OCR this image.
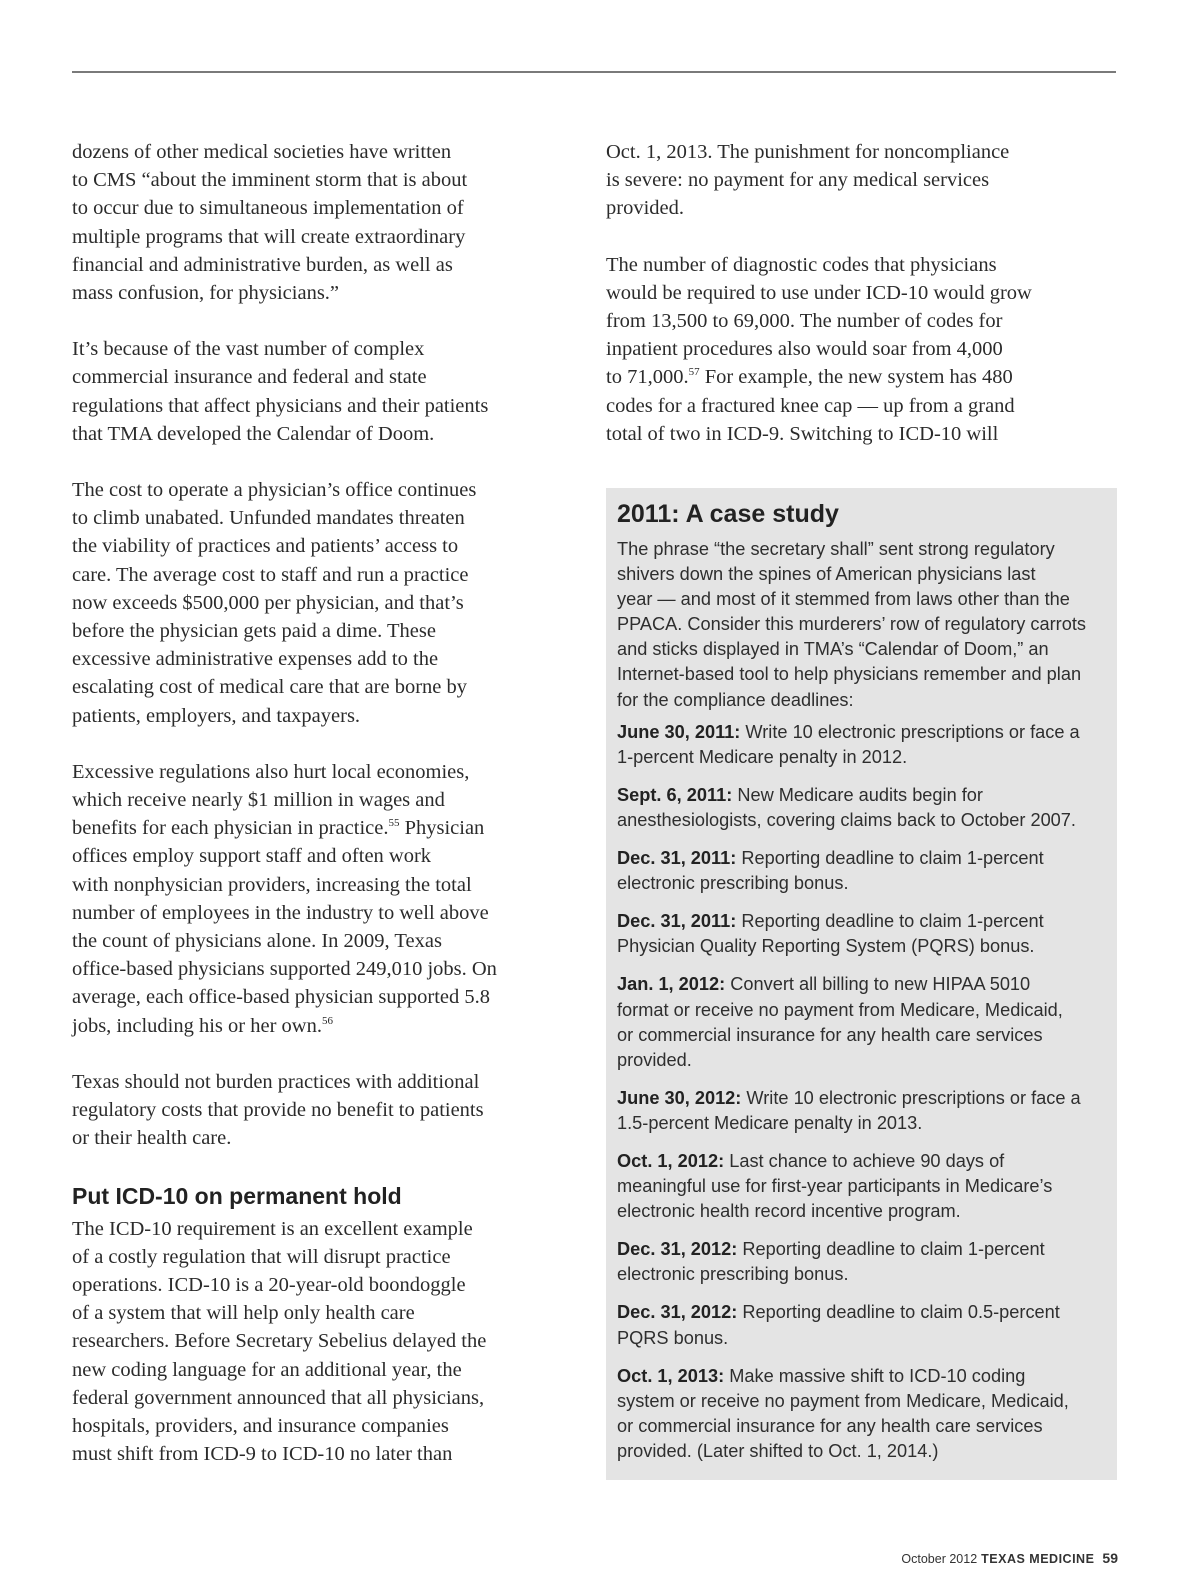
dozens of other medical societies have written
to CMS “about the imminent storm that is about
to occur due to simultaneous implementation of
multiple programs that will create extraordinary
financial and administrative burden, as well as
mass confusion, for physicians.”

It’s because of the vast number of complex
commercial insurance and federal and state
regulations that affect physicians and their patients
that TMA developed the Calendar of Doom.

The cost to operate a physician’s office continues
to climb unabated. Unfunded mandates threaten
the viability of practices and patients’ access to
care. The average cost to staff and run a practice
now exceeds $500,000 per physician, and that’s
before the physician gets paid a dime. These
excessive administrative expenses add to the
escalating cost of medical care that are borne by
patients, employers, and taxpayers.

Excessive regulations also hurt local economies,
which receive nearly $1 million in wages and
benefits for each physician in practice.$^{55}$ Physician
offices employ support staff and often work
with nonphysician providers, increasing the total
number of employees in the industry to well above
the count of physicians alone. In 2009, Texas
office-based physicians supported 249,010 jobs. On
average, each office-based physician supported 5.8
jobs, including his or her own.$^{56}$

Texas should not burden practices with additional
regulatory costs that provide no benefit to patients
or their health care.

Put ICD-10 on permanent hold

The ICD-10 requirement is an excellent example
of a costly regulation that will disrupt practice
operations. ICD-10 is a 20-year-old boondoggle
of a system that will help only health care
researchers. Before Secretary Sebelius delayed the
new coding language for an additional year, the
federal government announced that all physicians,
hospitals, providers, and insurance companies
must shift from ICD-9 to ICD-10 no later than

Oct. 1, 2013. The punishment for noncompliance
is severe: no payment for any medical services
provided.

The number of diagnostic codes that physicians
would be required to use under ICD-10 would grow
from 13,500 to 69,000. The number of codes for
inpatient procedures also would soar from 4,000
to 71,000.57 For example, the new system has 480
codes for a fractured knee cap — up from a grand
total of two in ICD-9. Switching to ICD-10 will

2011: A case study
The phrase “the secretary shall” sent strong regulatory
shivers down the spines of American physicians last
year — and most of it stemmed from laws other than the
PPACA. Consider this murderers’ row of regulatory carrots
and sticks displayed in TMA’s “Calendar of Doom,” an
Internet-based tool to help physicians remember and plan
for the compliance deadlines:
June 30, 2011: Write 10 electronic prescriptions or face a
1-percent Medicare penalty in 2012.
Sept. 6, 2011: New Medicare audits begin for
anesthesiologists, covering claims back to October 2007.
Dec. 31, 2011: Reporting deadline to claim 1-percent
electronic prescribing bonus.
Dec. 31, 2011: Reporting deadline to claim 1-percent
Physician Quality Reporting System (PQRS) bonus.
Jan. 1, 2012: Convert all billing to new HIPAA 5010
format or receive no payment from Medicare, Medicaid,
or commercial insurance for any health care services
provided.
June 30, 2012: Write 10 electronic prescriptions or face a
1.5-percent Medicare penalty in 2013.
Oct. 1, 2012: Last chance to achieve 90 days of
meaningful use for first-year participants in Medicare’s
electronic health record incentive program.
Dec. 31, 2012: Reporting deadline to claim 1-percent
electronic prescribing bonus.
Dec. 31, 2012: Reporting deadline to claim 0.5-percent
PQRS bonus.
Oct. 1, 2013: Make massive shift to ICD-10 coding
system or receive no payment from Medicare, Medicaid,
or commercial insurance for any health care services
provided. (Later shifted to Oct. 1, 2014.)
October 2012 TEXAS MEDICINE 59
